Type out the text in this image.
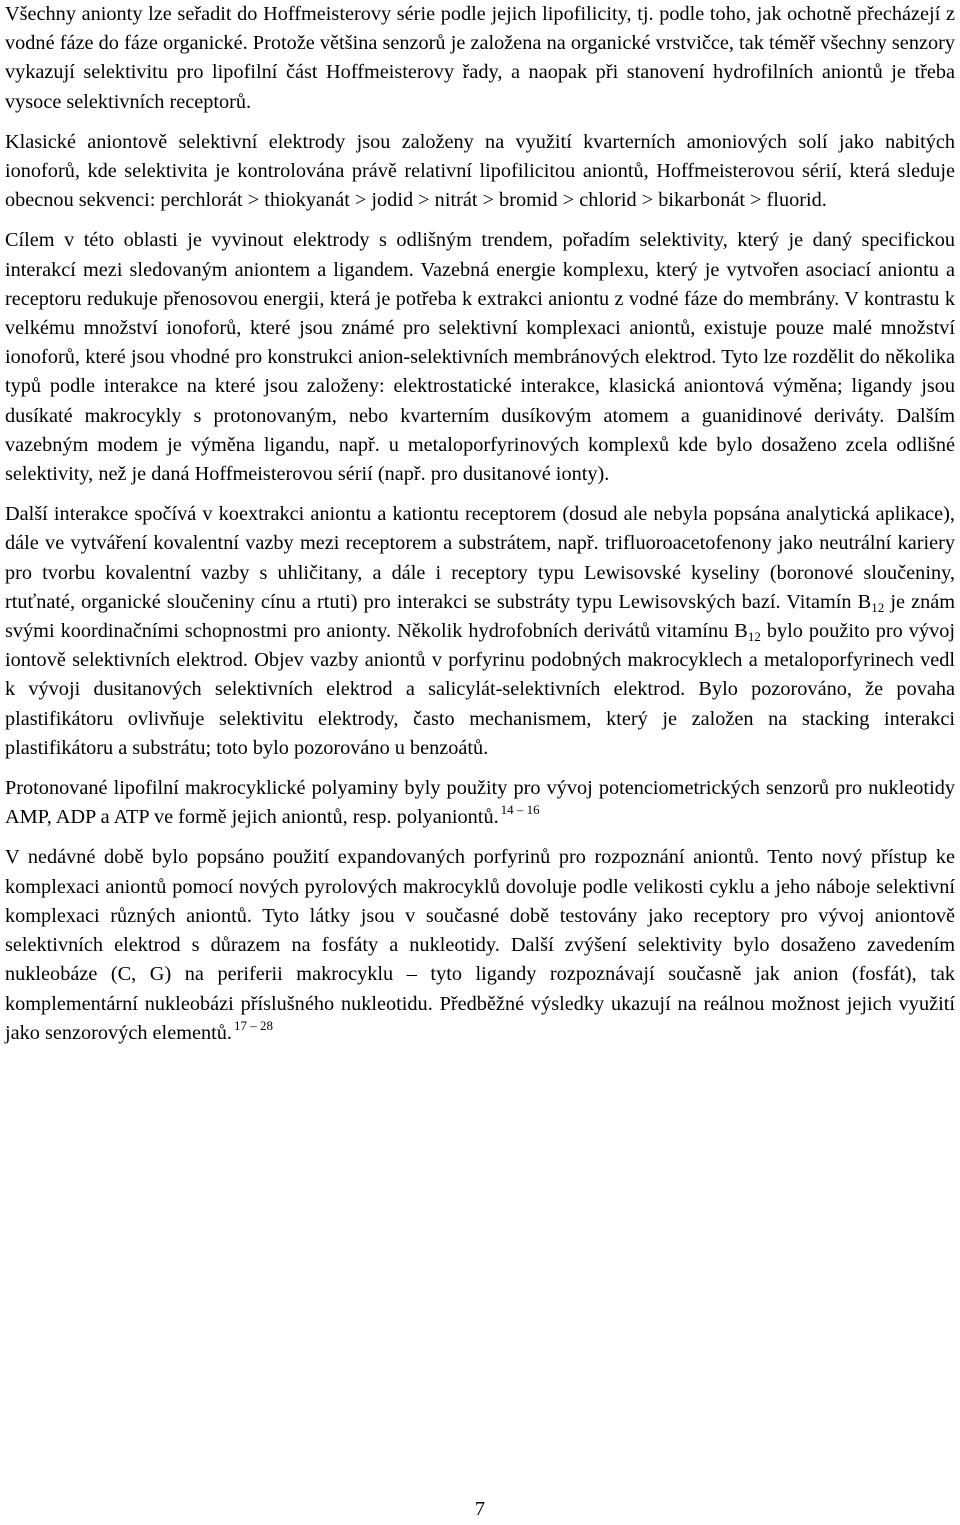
Všechny anionty lze seřadit do Hoffmeisterovy série podle jejich lipofilicity, tj. podle toho, jak ochotně přecházejí z vodné fáze do fáze organické. Protože většina senzorů je založena na organické vrstvičce, tak téměř všechny senzory vykazují selektivitu pro lipofilní část Hoffmeisterovy řady, a naopak při stanovení hydrofilních aniontů je třeba vysoce selektivních receptorů.

Klasické aniontově selektivní elektrody jsou založeny na využití kvarterních amoniových solí jako nabitých ionoforů, kde selektivita je kontrolována právě relativní lipofilicitou aniontů, Hoffmeisterovou sérií, která sleduje obecnou sekvenci: perchlorát > thiokyanát > jodid > nitrát > bromid > chlorid > bikarbonát > fluorid.

Cílem v této oblasti je vyvinout elektrody s odlišným trendem, pořadím selektivity, který je daný specifickou interakcí mezi sledovaným aniontem a ligandem. Vazebná energie komplexu, který je vytvořen asociací aniontu a receptoru redukuje přenosovou energii, která je potřeba k extrakci aniontu z vodné fáze do membrány. V kontrastu k velkému množství ionoforů, které jsou známé pro selektivní komplexaci aniontů, existuje pouze malé množství ionoforů, které jsou vhodné pro konstrukci anion-selektivních membránových elektrod. Tyto lze rozdělit do několika typů podle interakce na které jsou založeny: elektrostatické interakce, klasická aniontová výměna; ligandy jsou dusíkaté makrocykly s protonovaným, nebo kvarterním dusíkovým atomem a guanidinové deriváty. Dalším vazebným modem je výměna ligandu, např. u metaloporfyrinových komplexů kde bylo dosaženo zcela odlišné selektivity, než je daná Hoffmeisterovou sérií (např. pro dusitanové ionty).

Další interakce spočívá v koextrakci aniontu a kationtu receptorem (dosud ale nebyla popsána analytická aplikace), dále ve vytváření kovalentní vazby mezi receptorem a substrátem, např. trifluoroacetofenony jako neutrální kariery pro tvorbu kovalentní vazby s uhličitany, a dále i receptory typu Lewisovské kyseliny (boronové sloučeniny, rtuťnaté, organické sloučeniny cínu a rtuti) pro interakci se substráty typu Lewisovských bazí. Vitamín $B_{12}$ je znám svými koordinačními schopnostmi pro anionty. Několik hydrofobních derivátů vitamínu $B_{12}$ bylo použito pro vývoj iontově selektivních elektrod. Objev vazby aniontů v porfyrinu podobných makrocyklech a metaloporfyrinech vedl k vývoji dusitanových selektivních elektrod a salicylát-selektivních elektrod. Bylo pozorováno, že povaha plastifikátoru ovlivňuje selektivitu elektrody, často mechanismem, který je založen na stacking interakci plastifikátoru a substrátu; toto bylo pozorováno u benzoátů.

Protonované lipofilní makrocyklické polyaminy byly použity pro vývoj potenciometrických senzorů pro nukleotidy AMP, ADP a ATP ve formě jejich aniontů, resp. polyaniontů. $^{14 - 16}$

V nedávné době bylo popsáno použití expandovaných porfyrinů pro rozpoznání aniontů. Tento nový přístup ke komplexaci aniontů pomocí nových pyrolových makrocyklů dovoluje podle velikosti cyklu a jeho náboje selektivní komplexaci různých aniontů. Tyto látky jsou v současné době testovány jako receptory pro vývoj aniontově selektivních elektrod s důrazem na fosfáty a nukleotidy. Další zvýšení selektivity bylo dosaženo zavedením nukleobáze (C, G) na periferii makrocyklu – tyto ligandy rozpoznávají současně jak anion (fosfát), tak komplementární nukleobázi příslušného nukleotidu. Předběžné výsledky ukazují na reálnou možnost jejich využití jako senzorových elementů. $^{17 - 28}$

7
